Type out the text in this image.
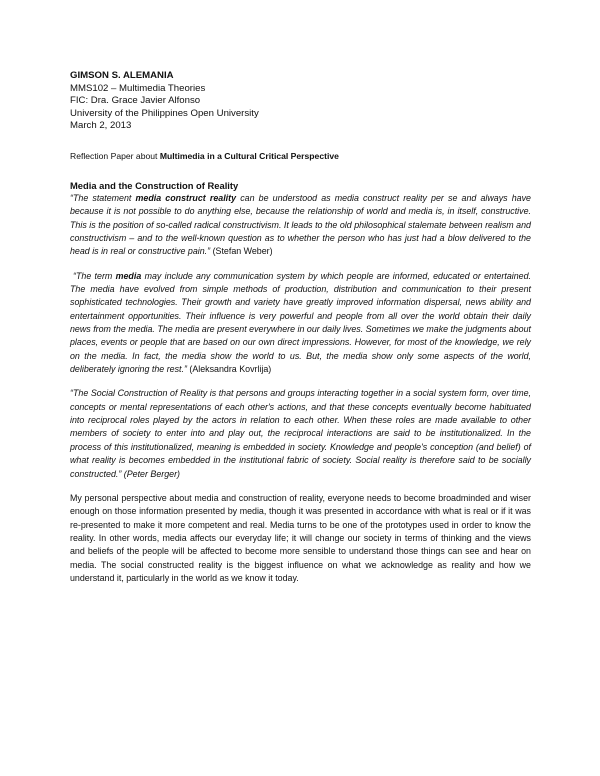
GIMSON S. ALEMANIA
MMS102 – Multimedia Theories
FIC: Dra. Grace Javier Alfonso
University of the Philippines Open University
March 2, 2013
Reflection Paper about Multimedia in a Cultural Critical Perspective
Media and the Construction of Reality

“The statement media construct reality can be understood as media construct reality per se and always have because it is not possible to do anything else, because the relationship of world and media is, in itself, constructive. This is the position of so-called radical constructivism. It leads to the old philosophical stalemate between realism and constructivism – and to the well-known question as to whether the person who has just had a blow delivered to the head is in real or constructive pain.” (Stefan Weber)

“The term media may include any communication system by which people are informed, educated or entertained. The media have evolved from simple methods of production, distribution and communication to their present sophisticated technologies. Their growth and variety have greatly improved information dispersal, news ability and entertainment opportunities. Their influence is very powerful and people from all over the world obtain their daily news from the media. The media are present everywhere in our daily lives. Sometimes we make the judgments about places, events or people that are based on our own direct impressions. However, for most of the knowledge, we rely on the media. In fact, the media show the world to us. But, the media show only some aspects of the world, deliberately ignoring the rest.” (Aleksandra Kovrlija)

“The Social Construction of Reality is that persons and groups interacting together in a social system form, over time, concepts or mental representations of each other's actions, and that these concepts eventually become habituated into reciprocal roles played by the actors in relation to each other. When these roles are made available to other members of society to enter into and play out, the reciprocal interactions are said to be institutionalized. In the process of this institutionalized, meaning is embedded in society. Knowledge and people's conception (and belief) of what reality is becomes embedded in the institutional fabric of society. Social reality is therefore said to be socially constructed.” (Peter Berger)

My personal perspective about media and construction of reality, everyone needs to become broadminded and wiser enough on those information presented by media, though it was presented in accordance with what is real or if it was re-presented to make it more competent and real. Media turns to be one of the prototypes used in order to know the reality. In other words, media affects our everyday life; it will change our society in terms of thinking and the views and beliefs of the people will be affected to become more sensible to understand those things can see and hear on media. The social constructed reality is the biggest influence on what we acknowledge as reality and how we understand it, particularly in the world as we know it today.
